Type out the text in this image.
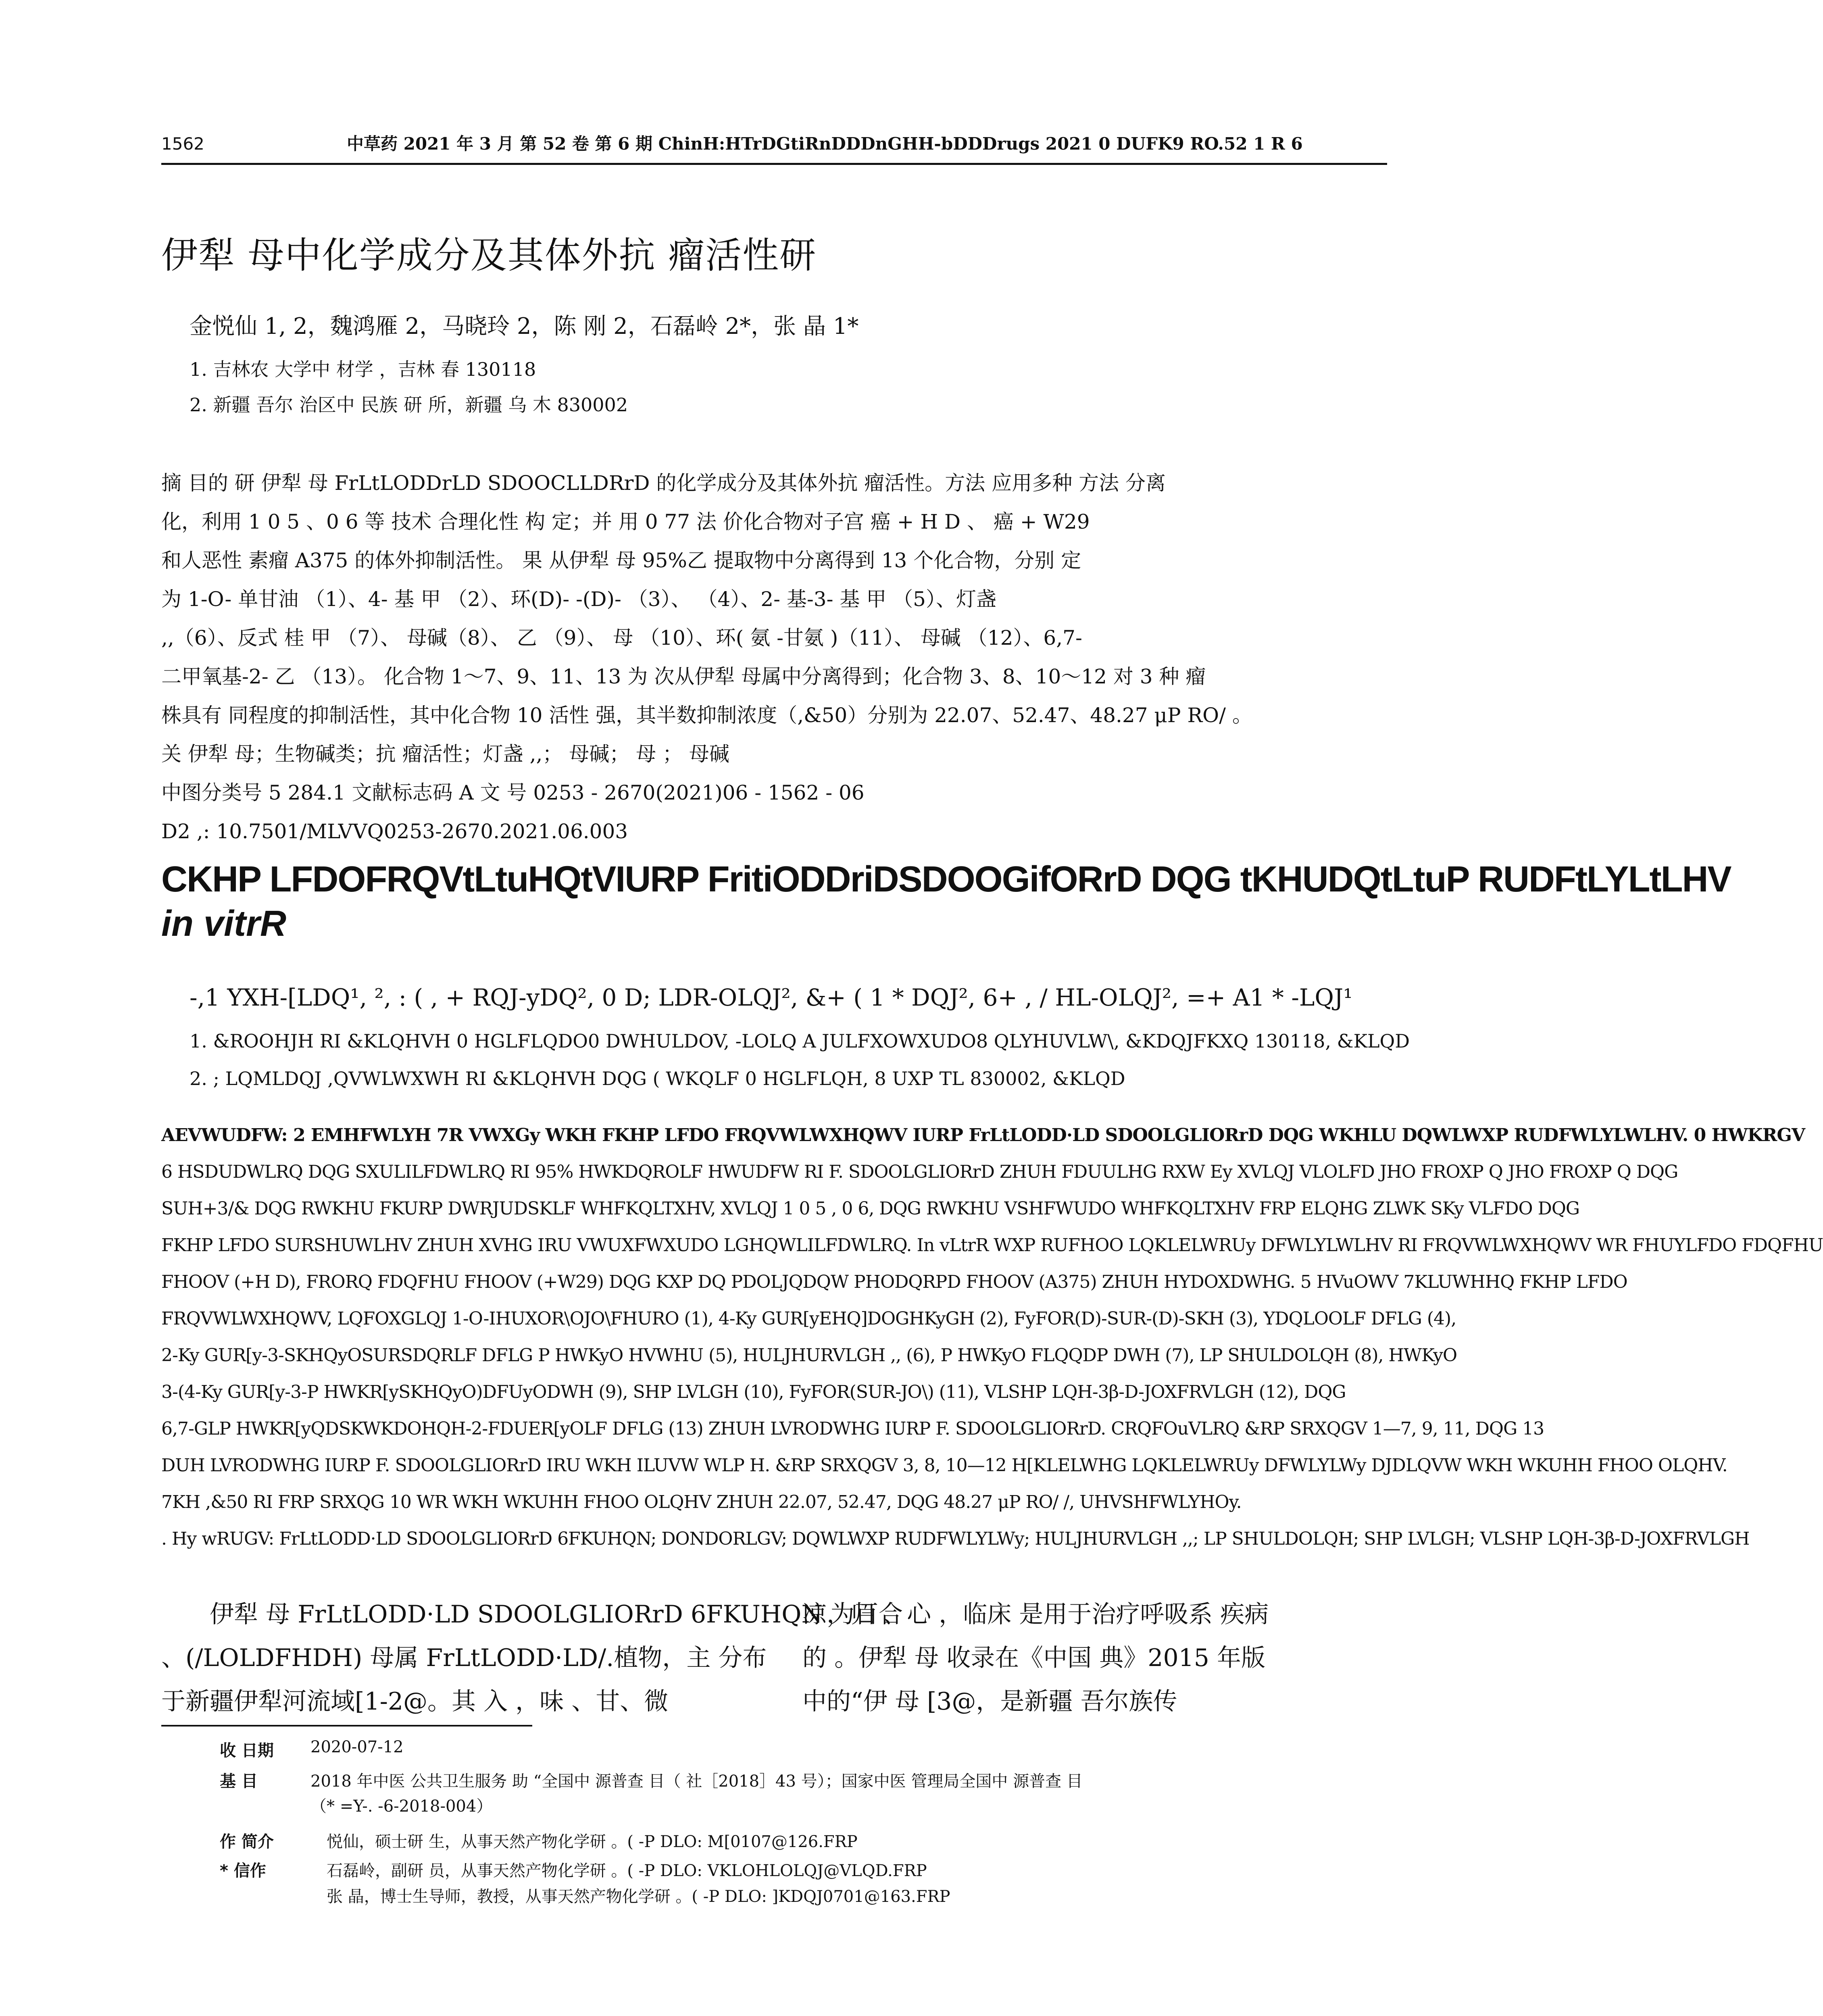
1562	中草药 2021 年 3 月 第 52 卷 第 6 期 ChinH:HTrDGtiRnDDDnGHH-bDDDrugs 2021 0 DUFK9 RO.52 1 R 6
伊犁 母中化学成分及其体外抗 瘤活性研
金悦仙 1, 2，魏鸿雁 2，马晓玲 2，陈 刚 2，石磊岭 2*，张 晶 1*
1. 吉林农 大学中 材学 ，吉林 春 130118
2. 新疆 吾尔 治区中 民族 研 所，新疆 乌 木 830002
摘 目的 研 伊犁 母 FrLtLODDrLD SDOOCLLDRrD 的化学成分及其体外抗 瘤活性。方法 应用多种 方法 分离
化，利用 1 0 5 、0 6 等 技术 合理化性 构 定；并 用 0 77 法 价化合物对子宫 癌 + H D 、 癌 + W29
和人恶性 素瘤 A375 的体外抑制活性。 果 从伊犁 母 95%乙 提取物中分离得到 13 个化合物，分别 定
为 1-O- 单甘油 （1）、4- 基 甲 （2）、环(D)- -(D)- （3）、 （4）、2- 基-3- 基 甲 （5）、灯盏
,,（6）、反式 桂 甲 （7）、 母碱（8）、 乙 （9）、 母 （10）、环( 氨 -甘氨 )（11）、 母碱 （12）、6,7-
二甲氧基-2- 乙 （13）。 化合物 1～7、9、11、13 为 次从伊犁 母属中分离得到；化合物 3、8、10～12 对 3 种 瘤
株具有 同程度的抑制活性，其中化合物 10 活性 强，其半数抑制浓度（,&50）分别为 22.07、52.47、48.27 μP RO/ 。
关 伊犁 母；生物碱类；抗 瘤活性；灯盏 ,,； 母碱； 母 ； 母碱
中图分类号 5 284.1 文献标志码 A 文 号 0253 - 2670(2021)06 - 1562 - 06
D2 ,: 10.7501/MLVVQ0253-2670.2021.06.003
CKHP LFDOFRQVtLtuHQtVIURP FritiODDriDSDOOGifORrD DQG tKHUDQtLtuP RUDFtLYLtLHV
in vitrR
-,1 YXH-[LDQ¹, ², : ( , + RQJ-yDQ², 0 D; LDR-OLQJ², &+ ( 1 * DQJ², 6+ , / HL-OLQJ², =+ A1 * -LQJ¹
1. &ROOHJH RI &KLQHVH 0 HGLFLQDO0 DWHULDOV, -LOLQ A JULFXOWXUDO8 QLYHUVLW\, &KDQJFKXQ 130118, &KLQD
2. ; LQMLDQJ ,QVWLWXWH RI &KLQHVH DQG ( WKQLF 0 HGLFLQH, 8 UXP TL 830002, &KLQD
AEVWUDFW: 2 EMHFWLYH 7R VWXGy WKH FKHP LFDO FRQVWLWXHQWV IURP FrLtLODD·LD SDOOLGLIORrD DQG WKHLU DQWLWXP RUDFWLYLWLHV. 0 HWKRGV
6 HSDUDWLRQ DQG SXULILFDWLRQ RI 95% HWKDQROLF HWUDFW RI F. SDOOLGLIORrD ZHUH FDUULHG RXW Ey XVLQJ VLOLFD JHO FROXP Q JHO FROXP Q DQG
SUH+3/& DQG RWKHU FKURP DWRJUDSKLF WHFKQLTXHV, XVLQJ 1 0 5 , 0 6, DQG RWKHU VSHFWUDO WHFKQLTXHV FRP ELQHG ZLWK SKy VLFDO DQG
FKHP LFDO SURSHUWLHV ZHUH XVHG IRU VWUXFWXUDO LGHQWLILFDWLRQ. In vLtrR WXP RUFHOO LQKLELWRUy DFWLYLWLHV RI FRQVWLWXHQWV WR FHUYLFDO FDQFHU
FHOOV (+H D), FRORQ FDQFHU FHOOV (+W29) DQG KXP DQ PDOLJQDQW PHODQRPD FHOOV (A375) ZHUH HYDOXDWHG. 5 HVuOWV 7KLUWHHQ FKHP LFDO
FRQVWLWXHQWV, LQFOXGLQJ 1-O-IHUXOR\OJO\FHURO (1), 4-Ky GUR[yEHQ]DOGHKyGH (2), FyFOR(D)-SUR-(D)-SKH (3), YDQLOOLF DFLG (4),
2-Ky GUR[y-3-SKHQyOSURSDQRLF DFLG P HWKyO HVWHU (5), HULJHURVLGH ,, (6), P HWKyO FLQQDP DWH (7), LP SHULDOLQH (8), HWKyO
3-(4-Ky GUR[y-3-P HWKR[ySKHQyO)DFUyODWH (9), SHP LVLGH (10), FyFOR(SUR-JO\) (11), VLSHP LQH-3β-D-JOXFRVLGH (12), DQG
6,7-GLP HWKR[yQDSKWKDOHQH-2-FDUER[yOLF DFLG (13) ZHUH LVRODWHG IURP F. SDOOLGLIORrD. CRQFOuVLRQ &RP SRXQGV 1—7, 9, 11, DQG 13
DUH LVRODWHG IURP F. SDOOLGLIORrD IRU WKH ILUVW WLP H. &RP SRXQGV 3, 8, 10—12 H[KLELWHG LQKLELWRUy DFWLYLWy DJDLQVW WKH WKUHH FHOO OLQHV.
7KH ,&50 RI FRP SRXQG 10 WR WKH WKUHH FHOO OLQHV ZHUH 22.07, 52.47, DQG 48.27 μP RO/ /, UHVSHFWLYHOy.
. Hy wRUGV: FrLtLODD·LD SDOOLGLIORrD 6FKUHQN; DONDORLGV; DQWLWXP RUDFWLYLWy; HULJHURVLGH ,,; LP SHULDOLQH; SHP LVLGH; VLSHP LQH-3β-D-JOXFRVLGH
伊犁 母 FrLtLODD·LD SDOOLGLIORrD 6FKUHQN 为百合
、(/LOLDFHDH) 母属 FrLtLODD·LD/.植物，主 分布
于新疆伊犁河流域[1-2@。其 入 ，味 、甘、微
凉，归 、心 ，临床 是用于治疗呼吸系 疾病
的 。伊犁 母 收录在《中国 典》2015 年版
中的“伊 母 [3@，是新疆 吾尔族传
收 日期 2020-07-12
基 目	2018 年中医 公共卫生服务 助 “全国中 源普查 目（ 社［2018］43 号）；国家中医 管理局全国中 源普查 目
（* =Y-. -6-2018-004）
作 简介	悦仙，硕士研 生，从事天然产物化学研 。( -P DLO: M[0107@126.FRP
* 信作	石磊岭，副研 员，从事天然产物化学研 。( -P DLO: VKLOHLOLQJ@VLQD.FRP
张 晶，博士生导师，教授，从事天然产物化学研 。( -P DLO: ]KDQJ0701@163.FRP
